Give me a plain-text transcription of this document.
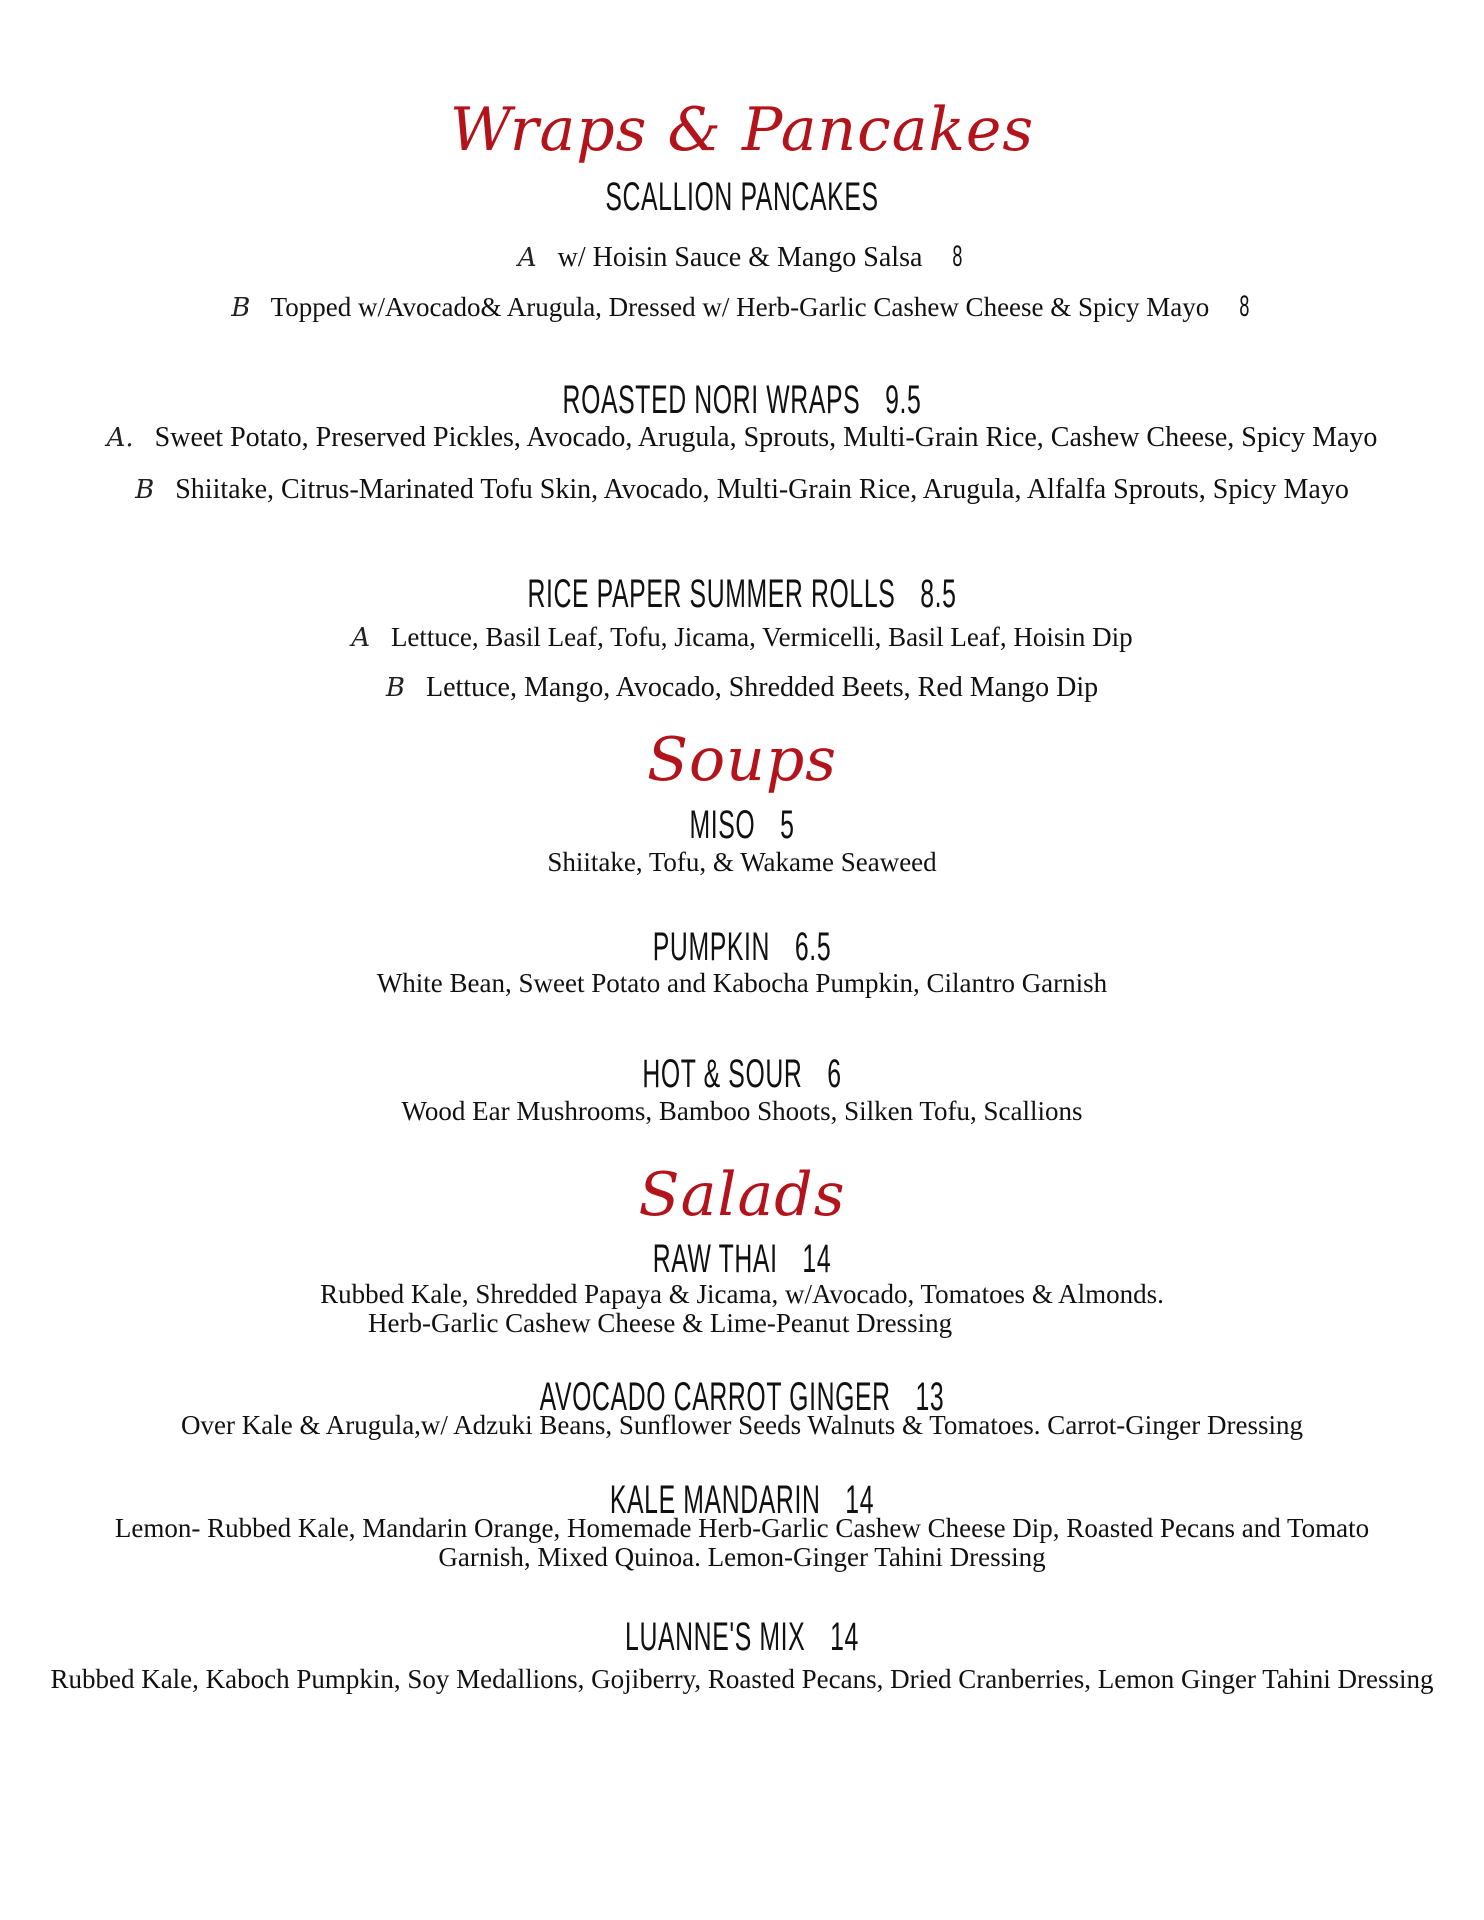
Wraps & Pancakes
SCALLION PANCAKES
A w/ Hoisin Sauce & Mango Salsa 8
B Topped w/Avocado& Arugula, Dressed w/ Herb-Garlic Cashew Cheese & Spicy Mayo 8
ROASTED NORI WRAPS 9.5
A. Sweet Potato, Preserved Pickles, Avocado, Arugula, Sprouts, Multi-Grain Rice, Cashew Cheese, Spicy Mayo
B Shiitake, Citrus-Marinated Tofu Skin, Avocado, Multi-Grain Rice, Arugula, Alfalfa Sprouts, Spicy Mayo
RICE PAPER SUMMER ROLLS 8.5
A Lettuce, Basil Leaf, Tofu, Jicama, Vermicelli, Basil Leaf, Hoisin Dip
B Lettuce, Mango, Avocado, Shredded Beets, Red Mango Dip
Soups
MISO 5
Shiitake, Tofu, & Wakame Seaweed
PUMPKIN 6.5
White Bean, Sweet Potato and Kabocha Pumpkin, Cilantro Garnish
HOT & SOUR 6
Wood Ear Mushrooms, Bamboo Shoots, Silken Tofu, Scallions
Salads
RAW THAI 14
Rubbed Kale, Shredded Papaya & Jicama, w/Avocado, Tomatoes & Almonds.
Herb-Garlic Cashew Cheese & Lime-Peanut Dressing
AVOCADO CARROT GINGER 13
Over Kale & Arugula,w/ Adzuki Beans, Sunflower Seeds Walnuts & Tomatoes. Carrot-Ginger Dressing
KALE MANDARIN 14
Lemon- Rubbed Kale, Mandarin Orange, Homemade Herb-Garlic Cashew Cheese Dip, Roasted Pecans and Tomato
Garnish, Mixed Quinoa. Lemon-Ginger Tahini Dressing
LUANNE'S MIX 14
Rubbed Kale, Kaboch Pumpkin, Soy Medallions, Gojiberry, Roasted Pecans, Dried Cranberries, Lemon Ginger Tahini Dressing
